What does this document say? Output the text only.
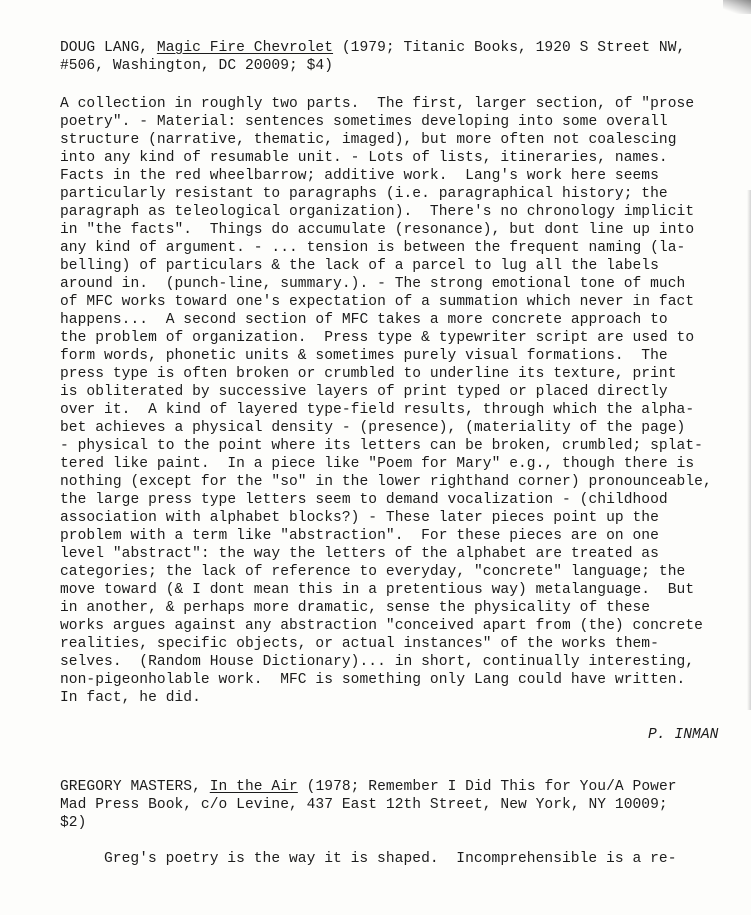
DOUG LANG, Magic Fire Chevrolet (1979; Titanic Books, 1920 S Street NW,
#506, Washington, DC 20009; $4)
A collection in roughly two parts.  The first, larger section, of "prose
poetry". - Material: sentences sometimes developing into some overall
structure (narrative, thematic, imaged), but more often not coalescing
into any kind of resumable unit. - Lots of lists, itineraries, names.
Facts in the red wheelbarrow; additive work.  Lang's work here seems
particularly resistant to paragraphs (i.e. paragraphical history; the
paragraph as teleological organization).  There's no chronology implicit
in "the facts".  Things do accumulate (resonance), but dont line up into
any kind of argument. - ... tension is between the frequent naming (la-
belling) of particulars & the lack of a parcel to lug all the labels
around in.  (punch-line, summary.). - The strong emotional tone of much
of MFC works toward one's expectation of a summation which never in fact
happens...  A second section of MFC takes a more concrete approach to
the problem of organization.  Press type & typewriter script are used to
form words, phonetic units & sometimes purely visual formations.  The
press type is often broken or crumbled to underline its texture, print
is obliterated by successive layers of print typed or placed directly
over it.  A kind of layered type-field results, through which the alpha-
bet achieves a physical density - (presence), (materiality of the page)
- physical to the point where its letters can be broken, crumbled; splat-
tered like paint.  In a piece like "Poem for Mary" e.g., though there is
nothing (except for the "so" in the lower righthand corner) pronounceable,
the large press type letters seem to demand vocalization - (childhood
association with alphabet blocks?) - These later pieces point up the
problem with a term like "abstraction".  For these pieces are on one
level "abstract": the way the letters of the alphabet are treated as
categories; the lack of reference to everyday, "concrete" language; the
move toward (& I dont mean this in a pretentious way) metalanguage.  But
in another, & perhaps more dramatic, sense the physicality of these
works argues against any abstraction "conceived apart from (the) concrete
realities, specific objects, or actual instances" of the works them-
selves.  (Random House Dictionary)... in short, continually interesting,
non-pigeonholable work.  MFC is something only Lang could have written.
In fact, he did.
P. INMAN
GREGORY MASTERS, In the Air (1978; Remember I Did This for You/A Power
Mad Press Book, c/o Levine, 437 East 12th Street, New York, NY 10009;
$2)
Greg's poetry is the way it is shaped.  Incomprehensible is a re-
